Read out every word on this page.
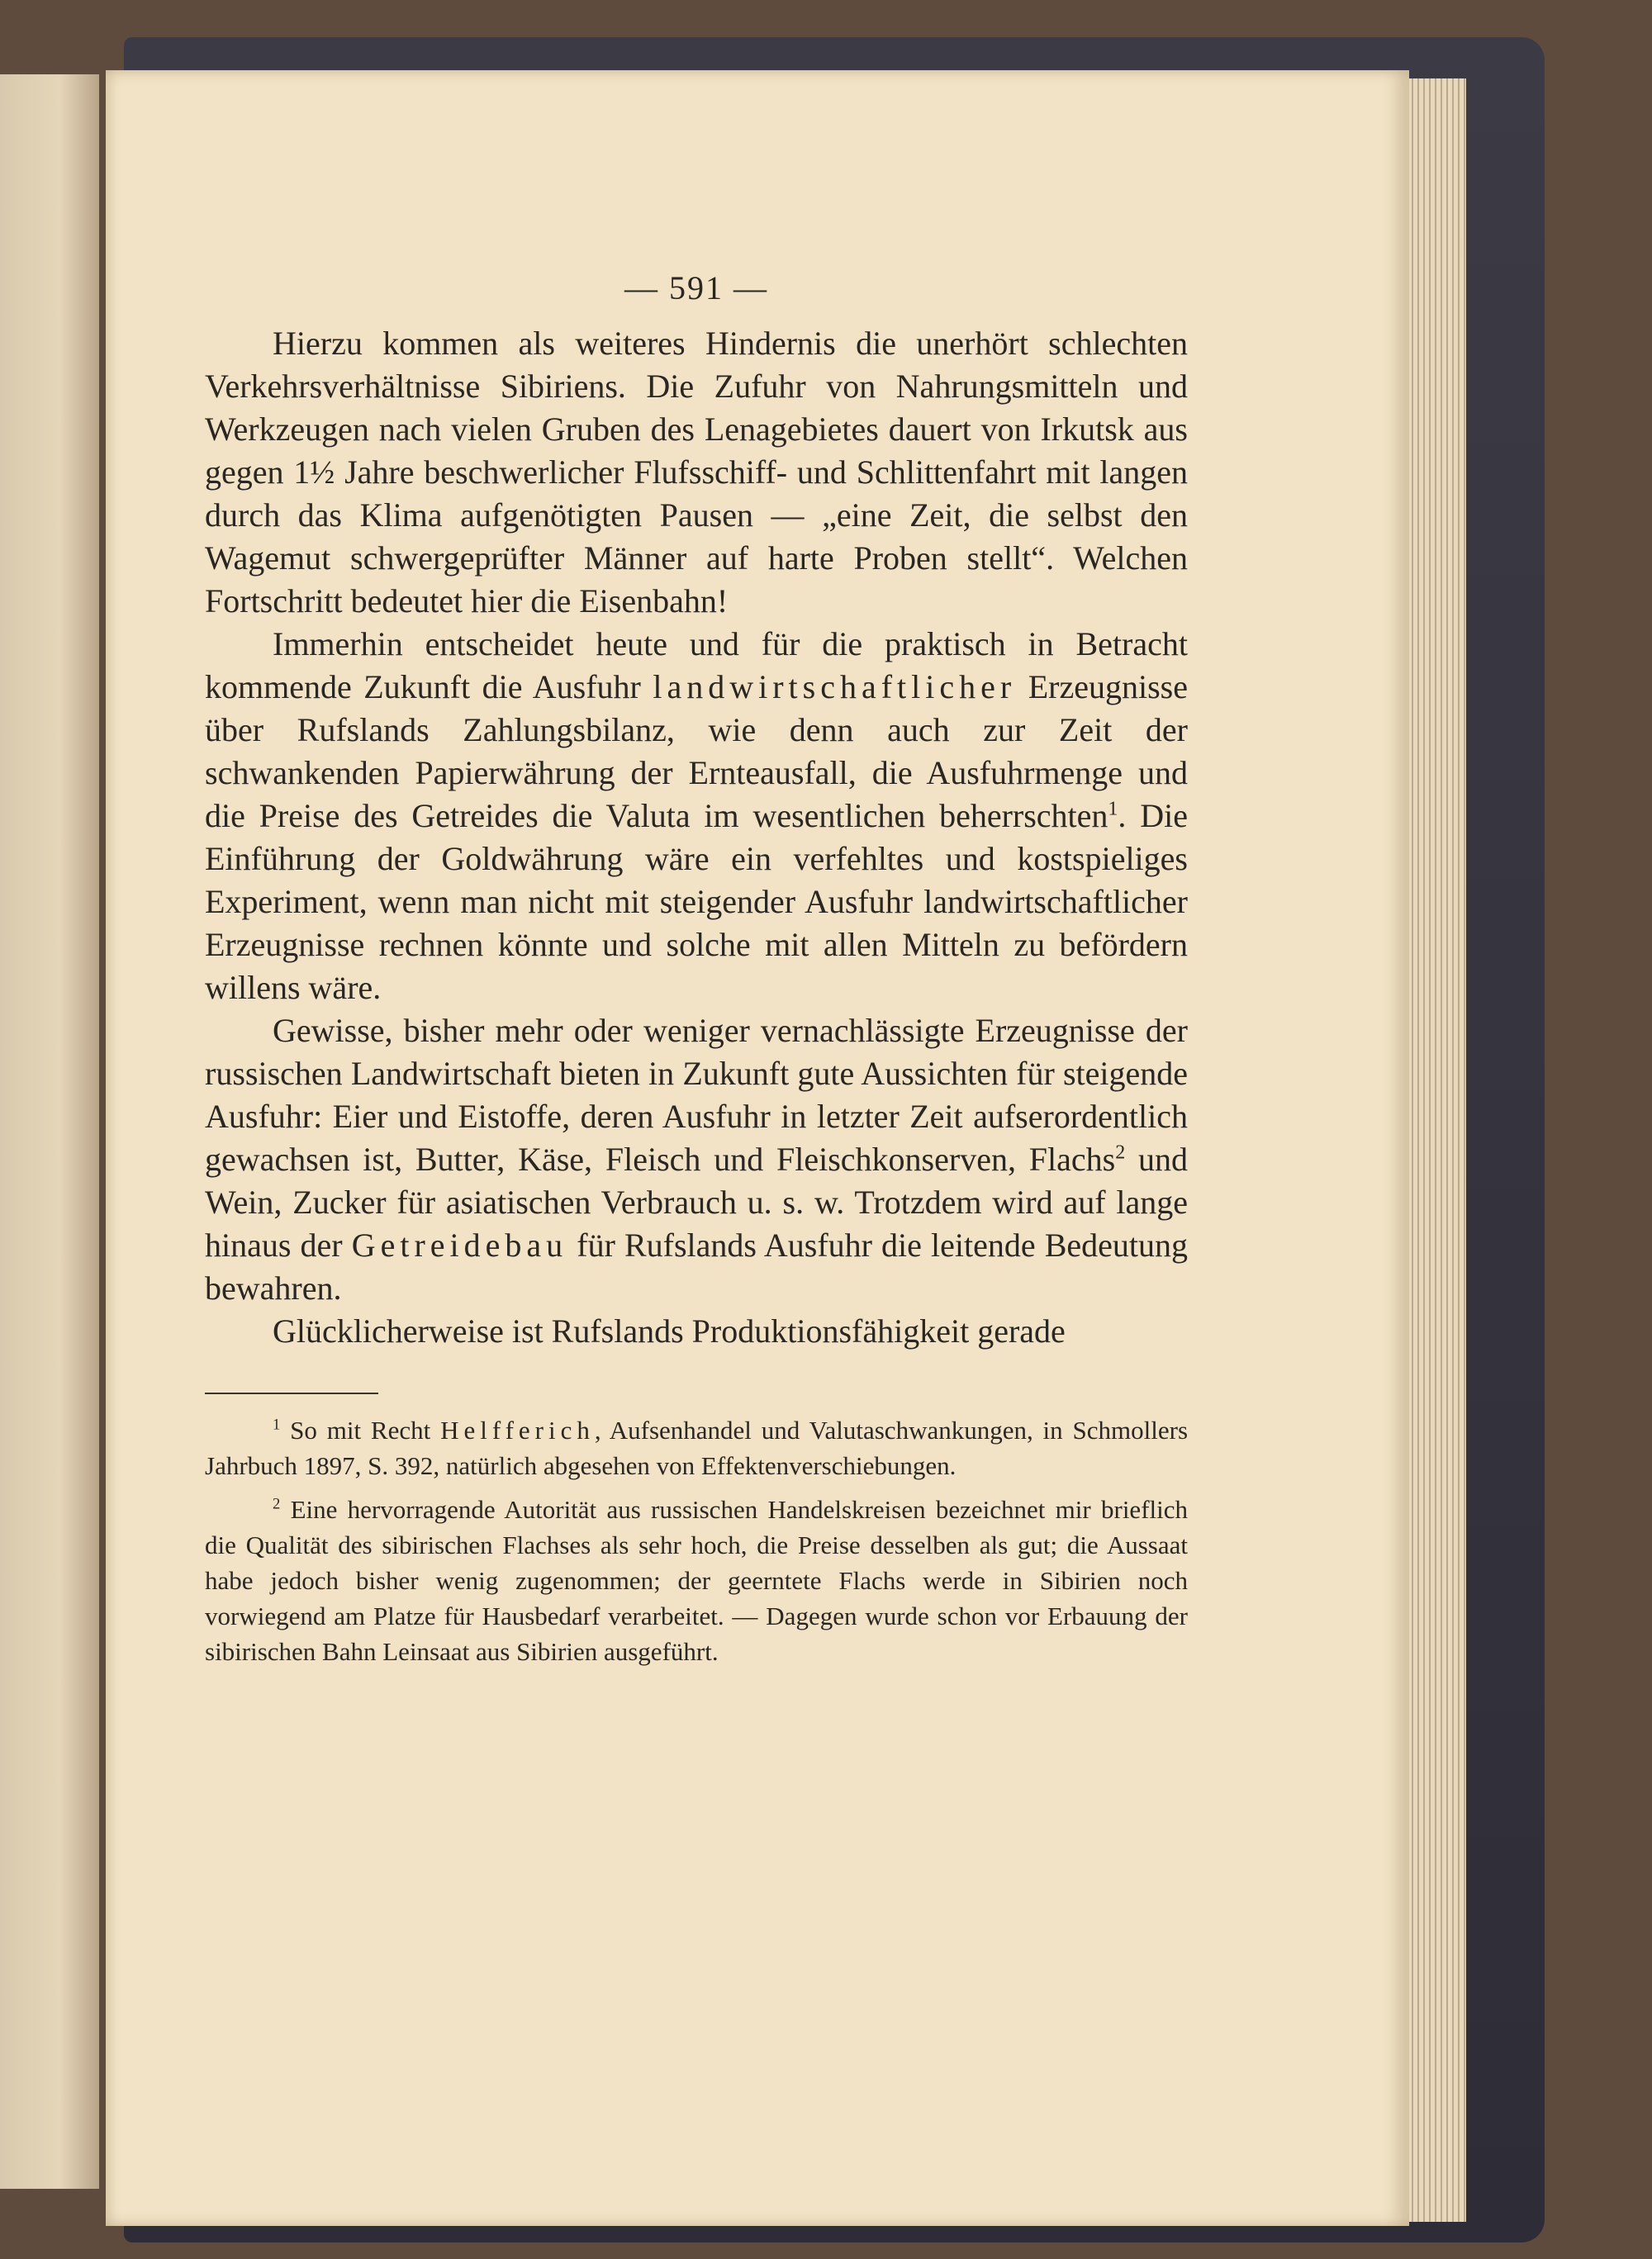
— 591 —

Hierzu kommen als weiteres Hindernis die unerhört schlechten Verkehrsverhältnisse Sibiriens. Die Zufuhr von Nahrungsmitteln und Werkzeugen nach vielen Gruben des Lenagebietes dauert von Irkutsk aus gegen 1½ Jahre beschwerlicher Flufsschiff- und Schlittenfahrt mit langen durch das Klima aufgenötigten Pausen — „eine Zeit, die selbst den Wagemut schwergeprüfter Männer auf harte Proben stellt“. Welchen Fortschritt bedeutet hier die Eisenbahn!

Immerhin entscheidet heute und für die praktisch in Betracht kommende Zukunft die Ausfuhr landwirtschaftlicher Erzeugnisse über Rufslands Zahlungsbilanz, wie denn auch zur Zeit der schwankenden Papierwährung der Ernteausfall, die Ausfuhrmenge und die Preise des Getreides die Valuta im wesentlichen beherrschten$^1$. Die Einführung der Goldwährung wäre ein verfehltes und kostspieliges Experiment, wenn man nicht mit steigender Ausfuhr landwirtschaftlicher Erzeugnisse rechnen könnte und solche mit allen Mitteln zu befördern willens wäre.

Gewisse, bisher mehr oder weniger vernachlässigte Erzeugnisse der russischen Landwirtschaft bieten in Zukunft gute Aussichten für steigende Ausfuhr: Eier und Eistoffe, deren Ausfuhr in letzter Zeit aufserordentlich gewachsen ist, Butter, Käse, Fleisch und Fleischkonserven, Flachs$^2$ und Wein, Zucker für asiatischen Verbrauch u. s. w. Trotzdem wird auf lange hinaus der Getreidebau für Rufslands Ausfuhr die leitende Bedeutung bewahren.

Glücklicherweise ist Rufslands Produktionsfähigkeit gerade

$^1$ So mit Recht Helfferich, Aufsenhandel und Valutaschwankungen, in Schmollers Jahrbuch 1897, S. 392, natürlich abgesehen von Effektenverschiebungen.

$^2$ Eine hervorragende Autorität aus russischen Handelskreisen bezeichnet mir brieflich die Qualität des sibirischen Flachses als sehr hoch, die Preise desselben als gut; die Aussaat habe jedoch bisher wenig zugenommen; der geerntete Flachs werde in Sibirien noch vorwiegend am Platze für Hausbedarf verarbeitet. — Dagegen wurde schon vor Erbauung der sibirischen Bahn Leinsaat aus Sibirien ausgeführt.
